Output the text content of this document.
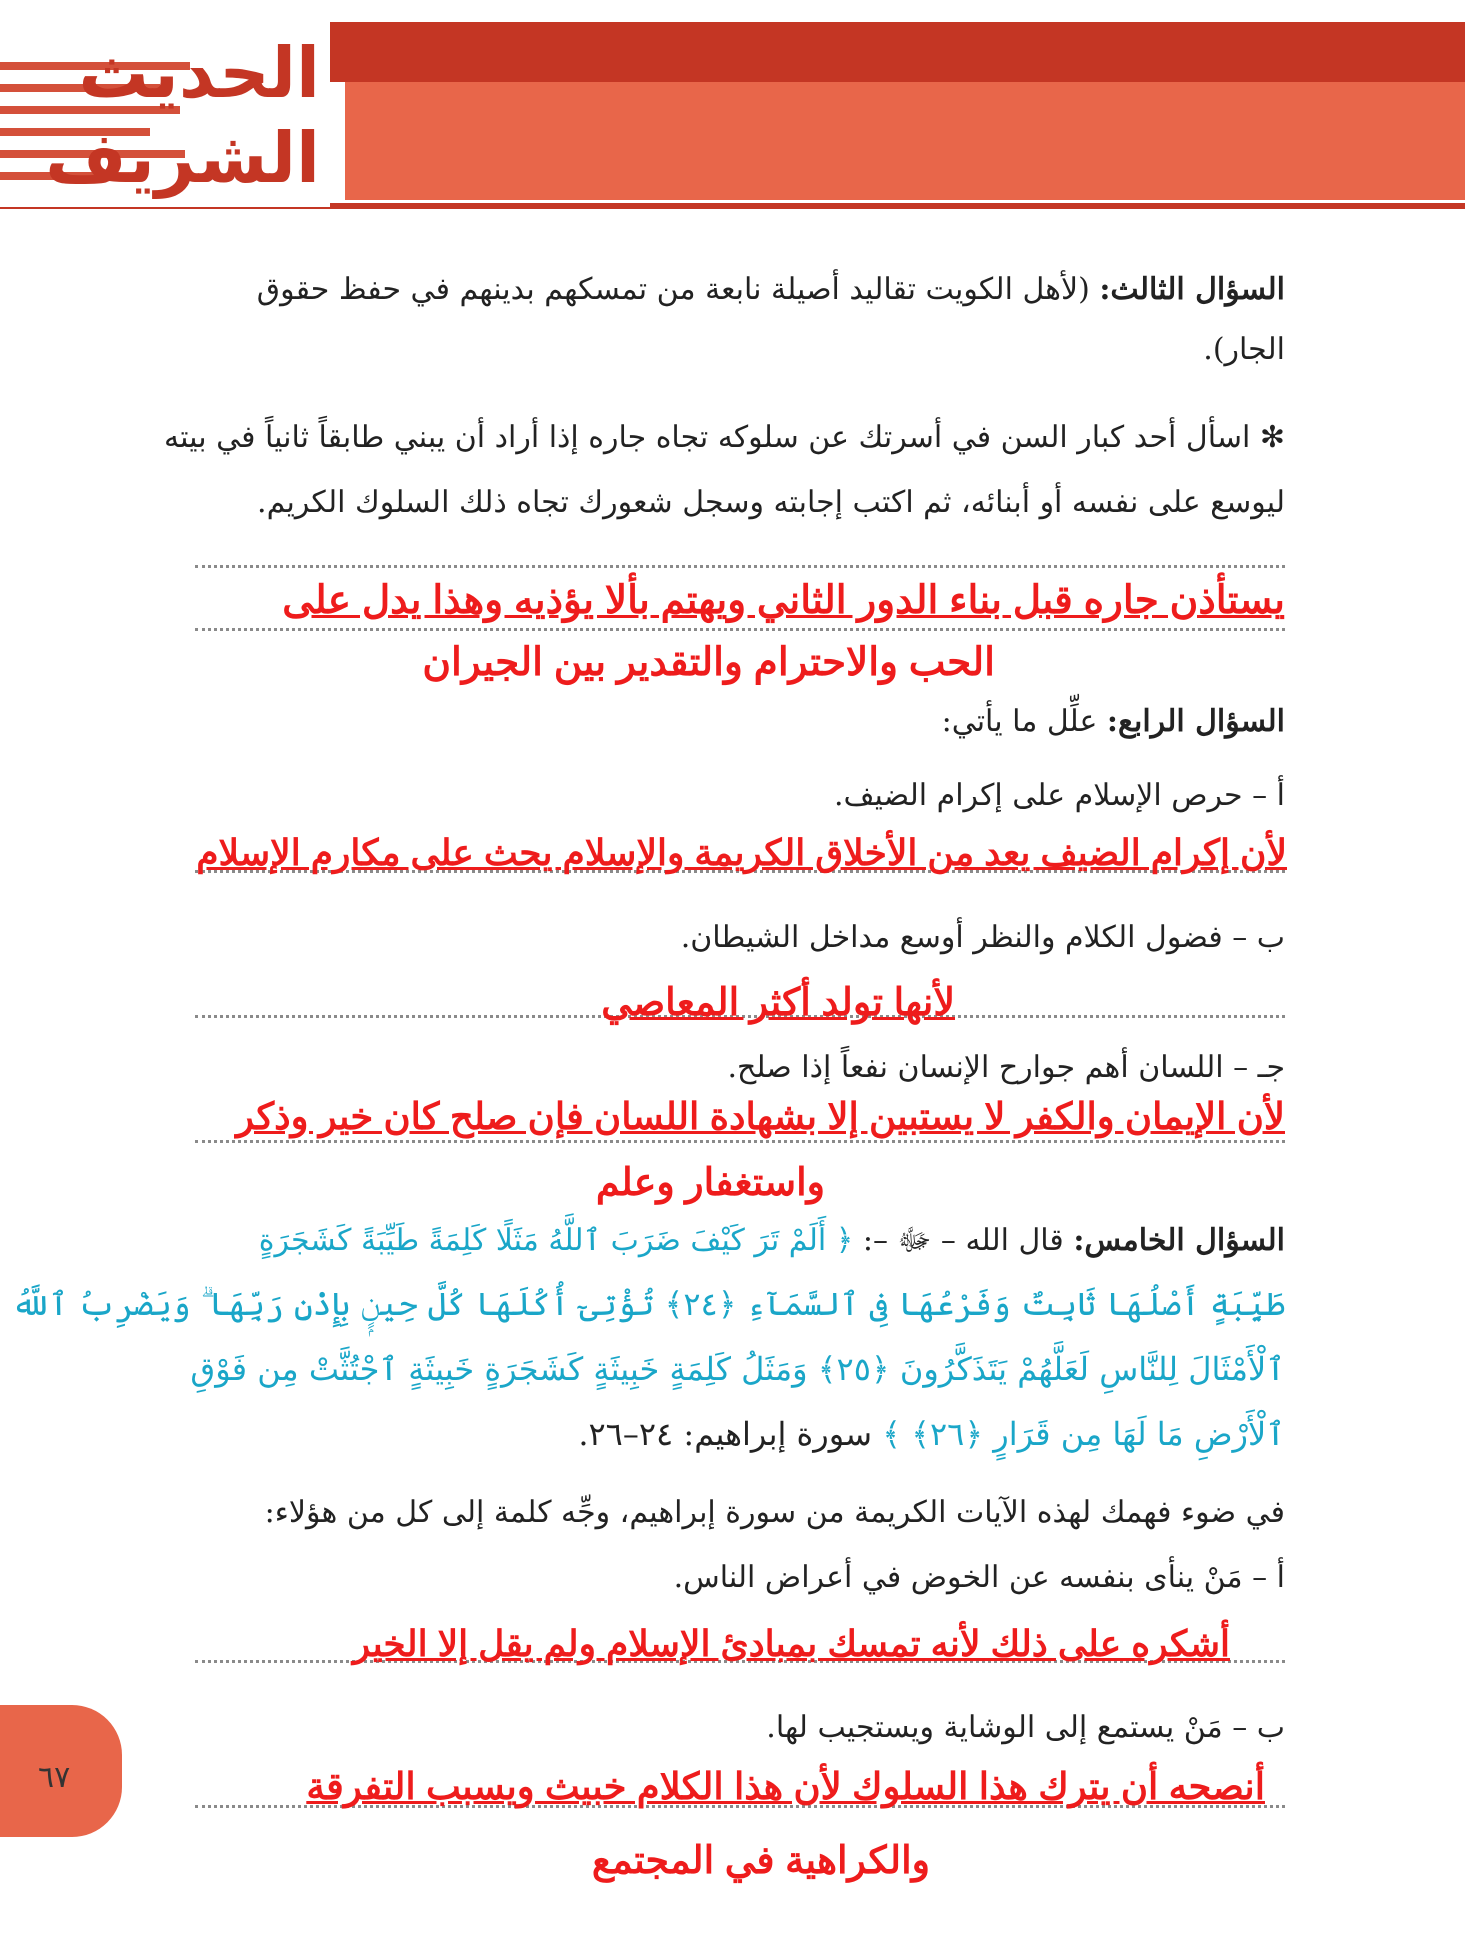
الحديث
الشريف
السؤال الثالث: (لأهل الكويت تقاليد أصيلة نابعة من تمسكهم بدينهم في حفظ حقوق
الجار).
✻ اسأل أحد كبار السن في أسرتك عن سلوكه تجاه جاره إذا أراد أن يبني طابقاً ثانياً في بيته
ليوسع على نفسه أو أبنائه، ثم اكتب إجابته وسجل شعورك تجاه ذلك السلوك الكريم.
يستأذن جاره قبل بناء الدور الثاني ويهتم بألا يؤذيه وهذا يدل على
الحب والاحترام والتقدير بين الجيران
السؤال الرابع: علِّل ما يأتي:
أ – حرص الإسلام على إكرام الضيف.
لأن إكرام الضيف يعد من الأخلاق الكريمة والإسلام يحث على مكارم الإسلام
ب – فضول الكلام والنظر أوسع مداخل الشيطان.
لأنها تولد أكثر المعاصي
جـ – اللسان أهم جوارح الإنسان نفعاً إذا صلح.
لأن الإيمان والكفر لا يستبين إلا بشهادة اللسان فإن صلح كان خير وذكر
واستغفار وعلم
السؤال الخامس: قال الله – ﷻ –: ﴿ أَلَمْ تَرَ كَيْفَ ضَرَبَ ٱللَّهُ مَثَلًا كَلِمَةً طَيِّبَةً كَشَجَرَةٍ
طَيِّبَةٍ أَصْلُهَا ثَابِتٌ وَفَرْعُهَا فِى ٱلسَّمَآءِ ﴿٢٤﴾ تُؤْتِىٓ أُكُلَهَا كُلَّ حِينٍۭ بِإِذْنِ رَبِّهَا ۗ وَيَضْرِبُ ٱللَّهُ
ٱلْأَمْثَالَ لِلنَّاسِ لَعَلَّهُمْ يَتَذَكَّرُونَ ﴿٢٥﴾ وَمَثَلُ كَلِمَةٍ خَبِيثَةٍ كَشَجَرَةٍ خَبِيثَةٍ ٱجْتُثَّتْ مِن فَوْقِ
ٱلْأَرْضِ مَا لَهَا مِن قَرَارٍ ﴿٢٦﴾ ﴾ سورة إبراهيم: ٢٤–٢٦.
في ضوء فهمك لهذه الآيات الكريمة من سورة إبراهيم، وجِّه كلمة إلى كل من هؤلاء:
أ – مَنْ ينأى بنفسه عن الخوض في أعراض الناس.
أشكره على ذلك لأنه تمسك بمبادئ الإسلام ولم يقل إلا الخير
ب – مَنْ يستمع إلى الوشاية ويستجيب لها.
أنصحه أن يترك هذا السلوك لأن هذا الكلام خبيث ويسبب التفرقة
والكراهية في المجتمع
٦٧
